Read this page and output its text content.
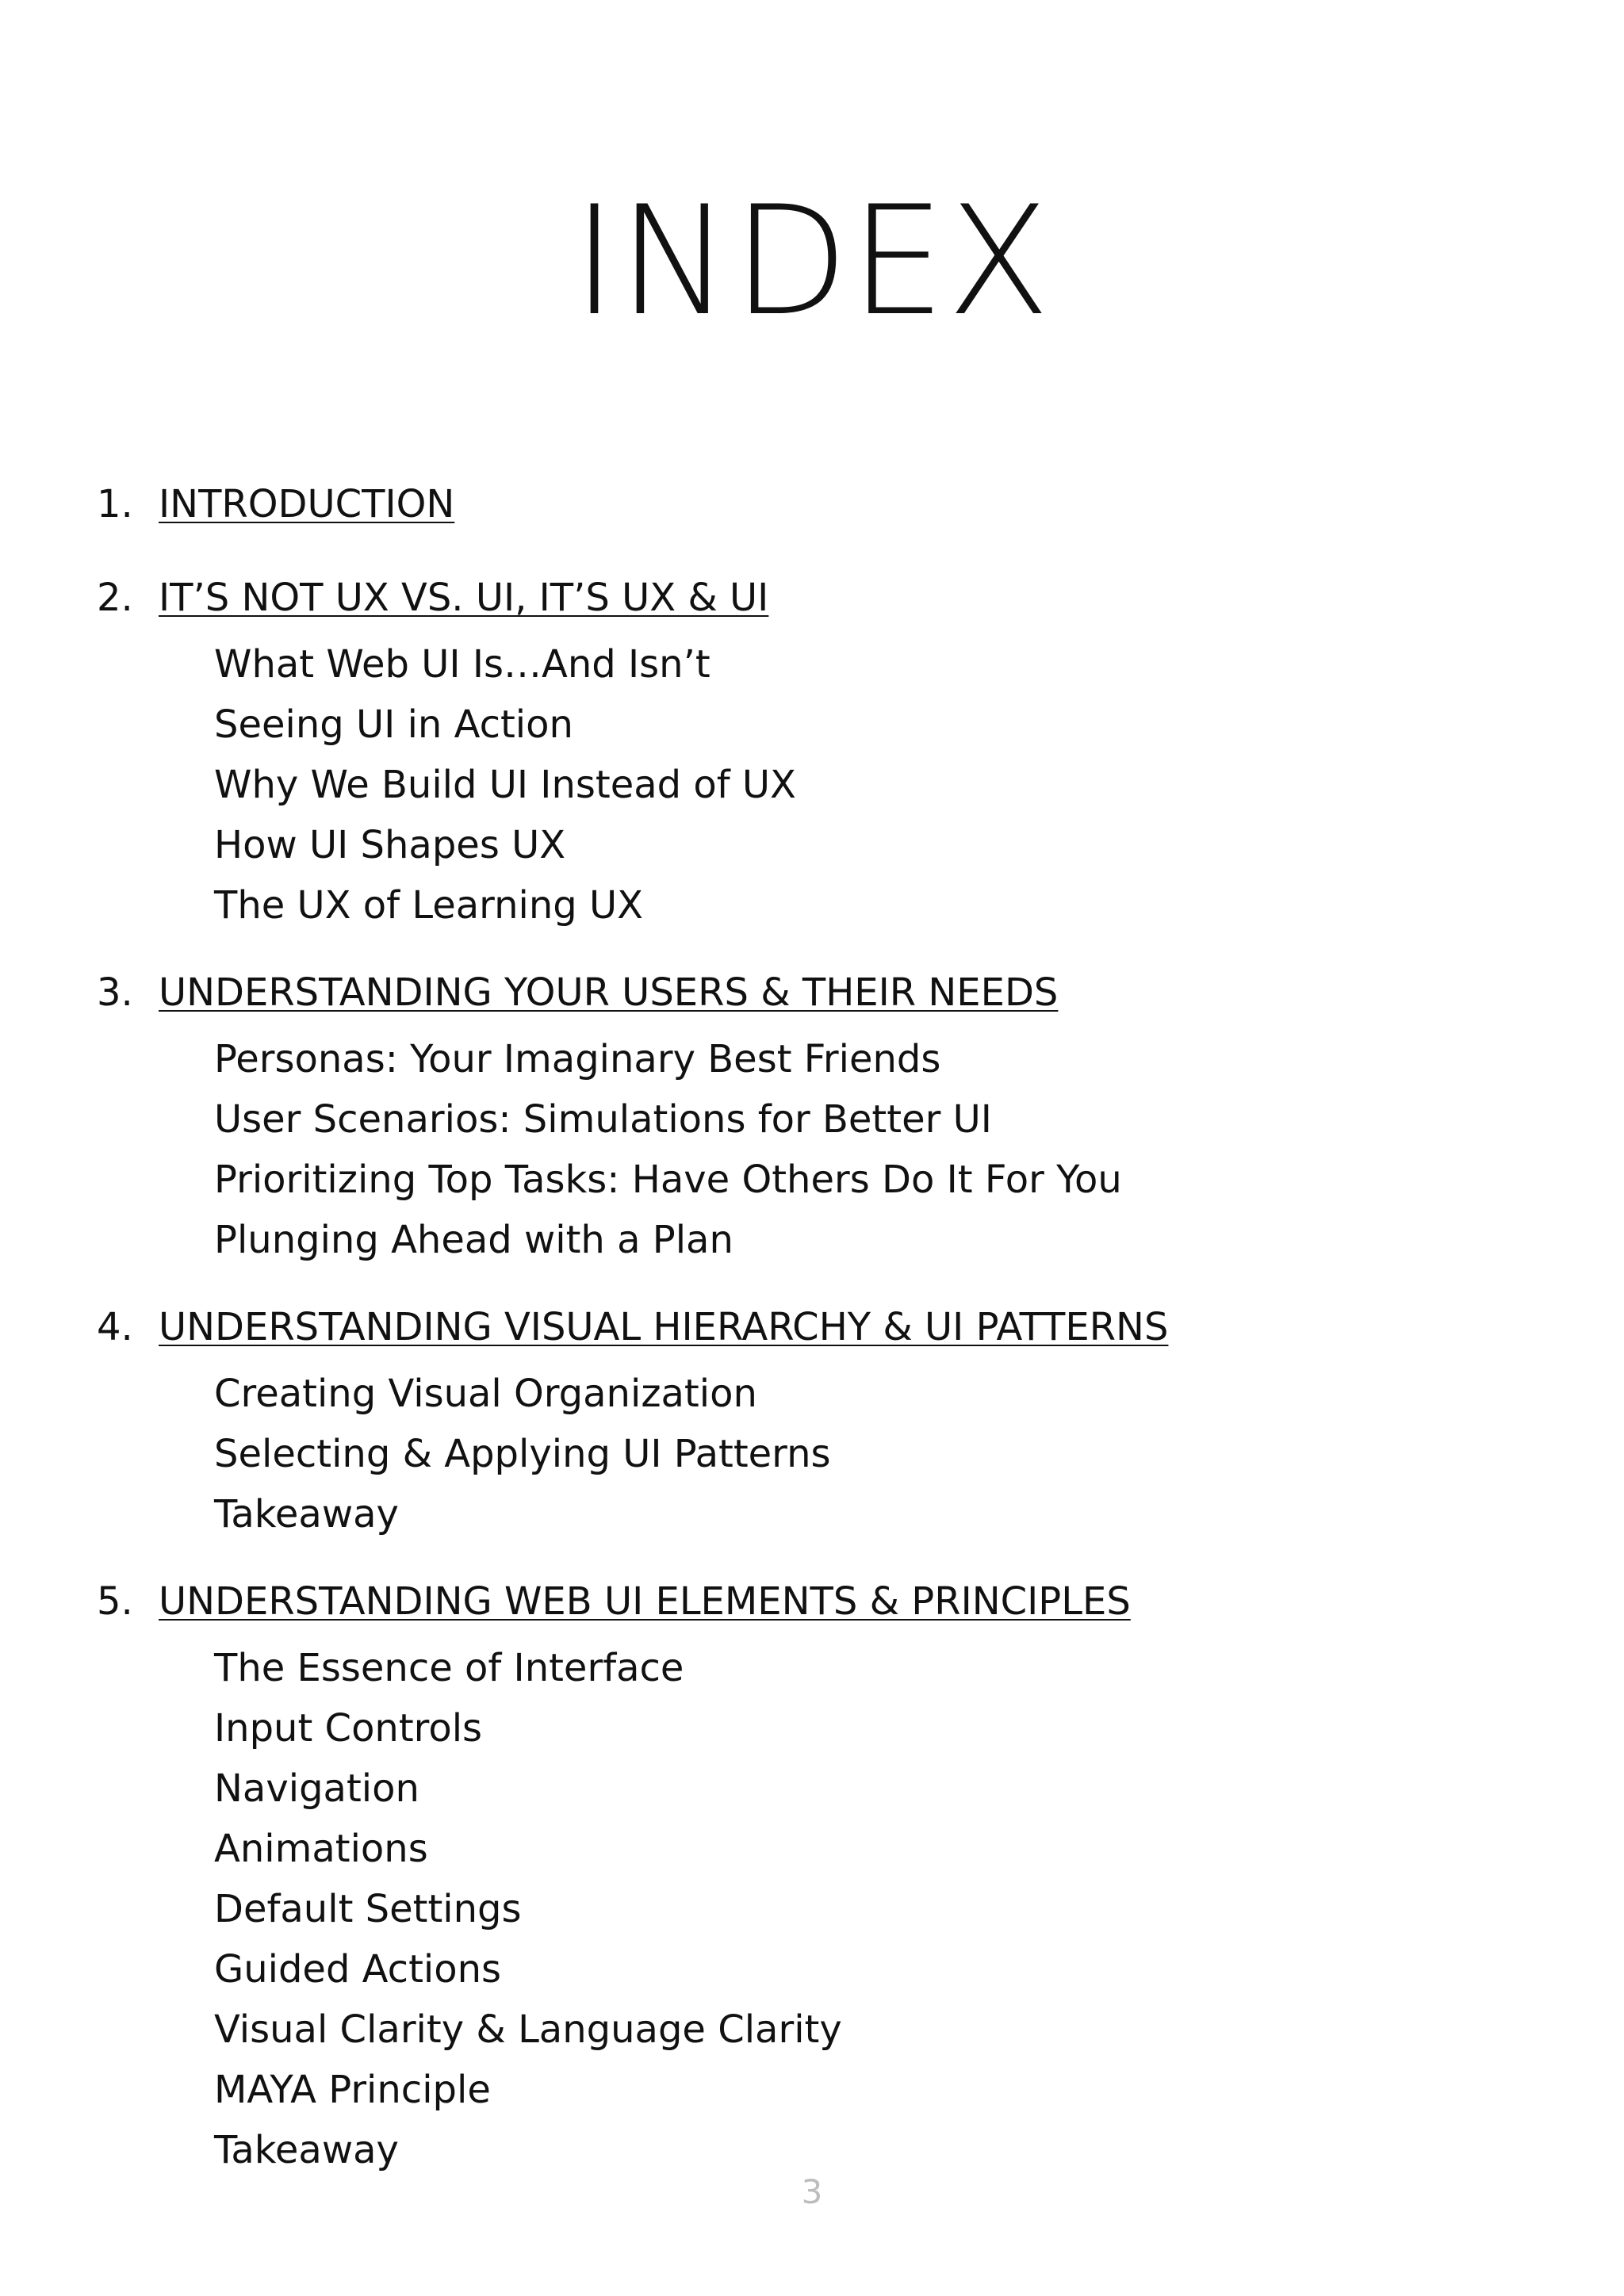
INDEX
1. INTRODUCTION
2. IT’S NOT UX VS. UI, IT’S UX & UI
What Web UI Is…And Isn’t
Seeing UI in Action
Why We Build UI Instead of UX
How UI Shapes UX
The UX of Learning UX
3. UNDERSTANDING YOUR USERS & THEIR NEEDS
Personas: Your Imaginary Best Friends
User Scenarios: Simulations for Better UI
Prioritizing Top Tasks: Have Others Do It For You
Plunging Ahead with a Plan
4. UNDERSTANDING VISUAL HIERARCHY & UI PATTERNS
Creating Visual Organization
Selecting & Applying UI Patterns
Takeaway
5. UNDERSTANDING WEB UI ELEMENTS & PRINCIPLES
The Essence of Interface
Input Controls
Navigation
Animations
Default Settings
Guided Actions
Visual Clarity & Language Clarity
MAYA Principle
Takeaway
3
